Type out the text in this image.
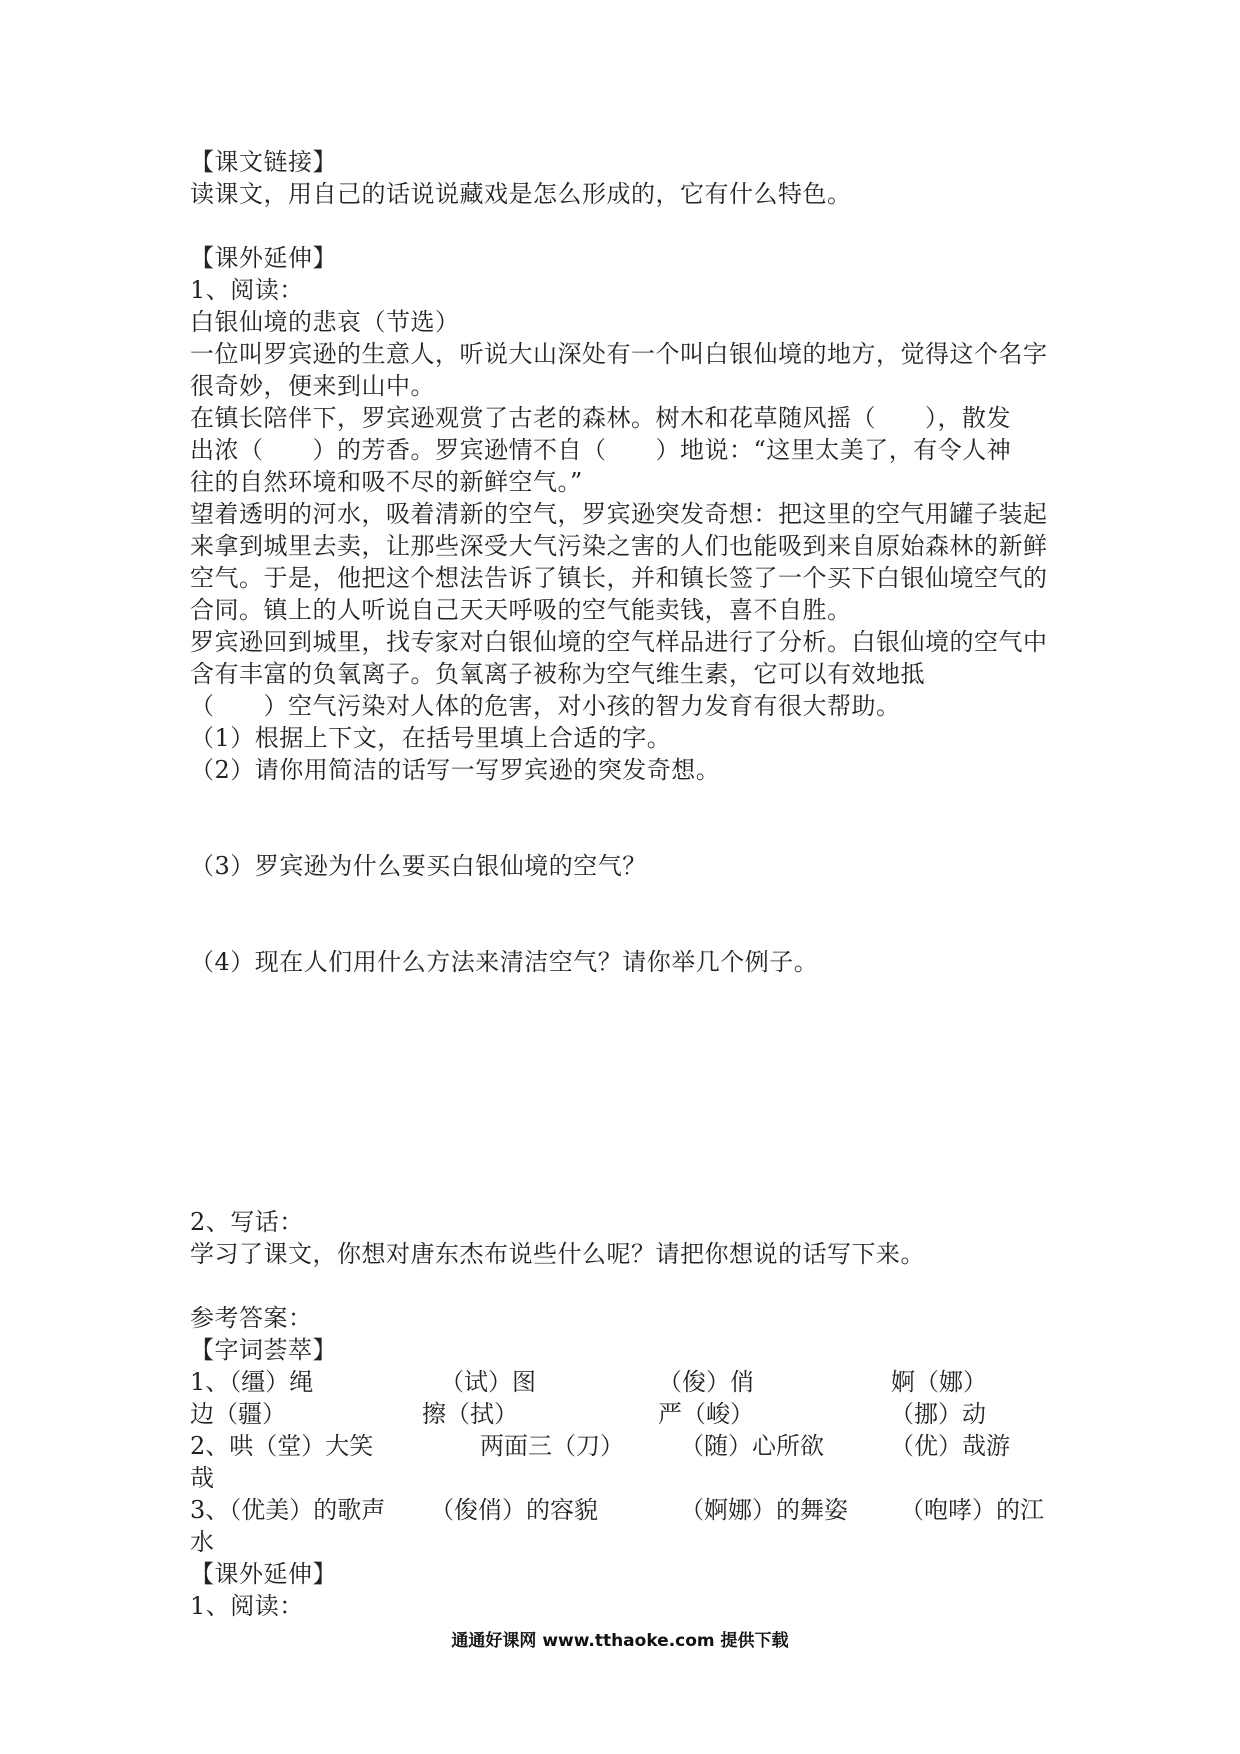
【课文链接】
读课文，用自己的话说说藏戏是怎么形成的，它有什么特色。
【课外延伸】
1、阅读：
白银仙境的悲哀（节选）
一位叫罗宾逊的生意人，听说大山深处有一个叫白银仙境的地方，觉得这个名字
很奇妙，便来到山中。
在镇长陪伴下，罗宾逊观赏了古老的森林。树木和花草随风摇（　　），散发
出浓（　　）的芳香。罗宾逊情不自（　　）地说：“这里太美了，有令人神
往的自然环境和吸不尽的新鲜空气。”
望着透明的河水，吸着清新的空气，罗宾逊突发奇想：把这里的空气用罐子装起
来拿到城里去卖，让那些深受大气污染之害的人们也能吸到来自原始森林的新鲜
空气。于是，他把这个想法告诉了镇长，并和镇长签了一个买下白银仙境空气的
合同。镇上的人听说自己天天呼吸的空气能卖钱，喜不自胜。
罗宾逊回到城里，找专家对白银仙境的空气样品进行了分析。白银仙境的空气中
含有丰富的负氧离子。负氧离子被称为空气维生素，它可以有效地抵
（　　）空气污染对人体的危害，对小孩的智力发育有很大帮助。
（1）根据上下文，在括号里填上合适的字。
（2）请你用简洁的话写一写罗宾逊的突发奇想。
（3）罗宾逊为什么要买白银仙境的空气？
（4）现在人们用什么方法来清洁空气？请你举几个例子。
2、写话：
学习了课文，你想对唐东杰布说些什么呢？请把你想说的话写下来。
参考答案：
【字词荟萃】
1、（缰）绳	（试）图	（俊）俏	婀（娜）
边（疆）	擦（拭）	严（峻）	（挪）动
2、哄（堂）大笑	两面三（刀）	（随）心所欲	（优）哉游
哉
3、（优美）的歌声	（俊俏）的容貌	（婀娜）的舞姿	（咆哮）的江
水
【课外延伸】
1、阅读：
通通好课网 www.tthaoke.com 提供下载
